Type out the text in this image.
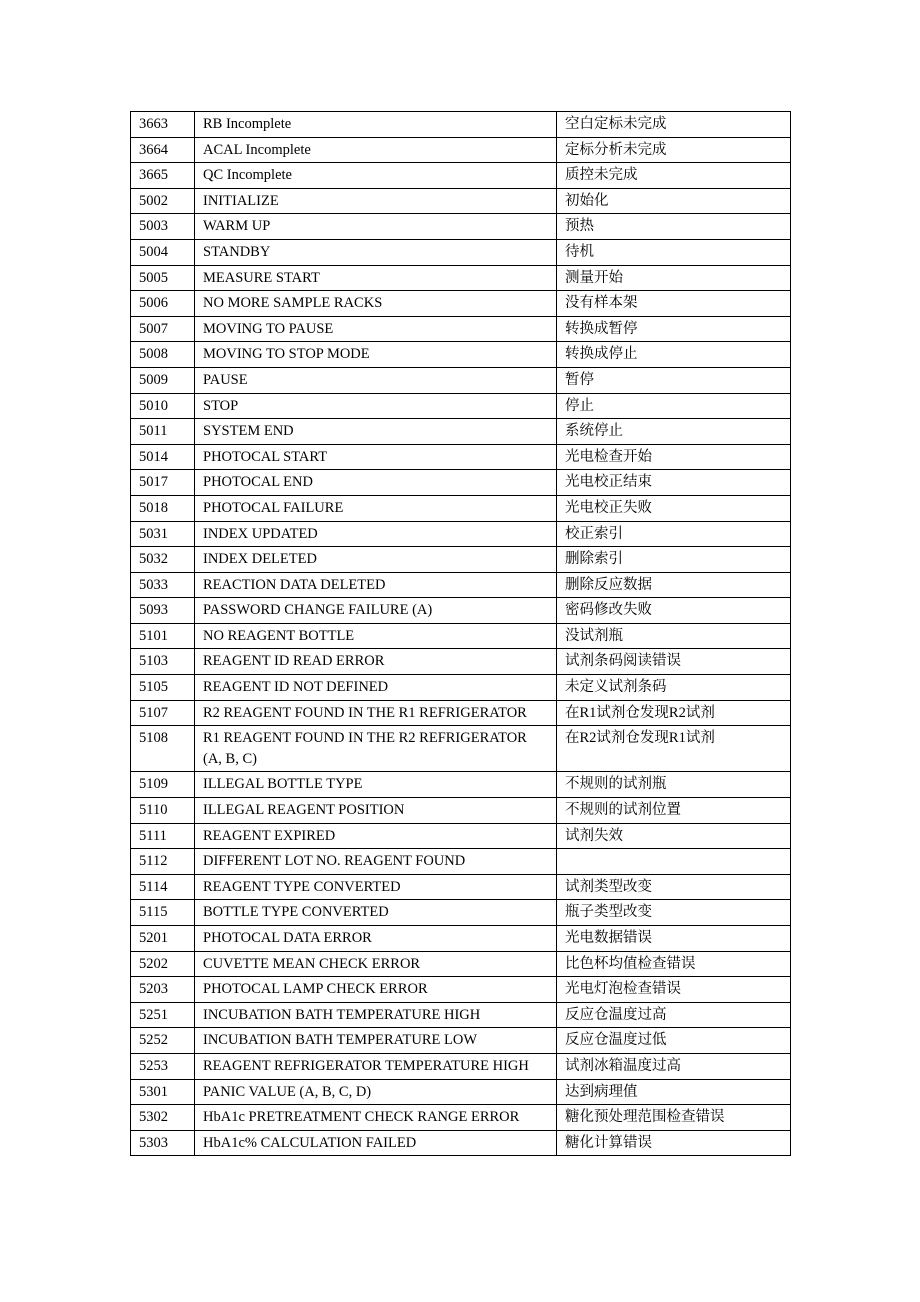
3663	RB Incomplete	空白定标未完成
3664	ACAL Incomplete	定标分析未完成
3665	QC Incomplete	质控未完成
5002	INITIALIZE	初始化
5003	WARM UP	预热
5004	STANDBY	待机
5005	MEASURE START	测量开始
5006	NO MORE SAMPLE RACKS	没有样本架
5007	MOVING TO PAUSE	转换成暂停
5008	MOVING TO STOP MODE	转换成停止
5009	PAUSE	暂停
5010	STOP	停止
5011	SYSTEM END	系统停止
5014	PHOTOCAL START	光电检查开始
5017	PHOTOCAL END	光电校正结束
5018	PHOTOCAL FAILURE	光电校正失败
5031	INDEX UPDATED	校正索引
5032	INDEX DELETED	删除索引
5033	REACTION DATA DELETED	删除反应数据
5093	PASSWORD CHANGE FAILURE (A)	密码修改失败
5101	NO REAGENT BOTTLE	没试剂瓶
5103	REAGENT ID READ ERROR	试剂条码阅读错误
5105	REAGENT ID NOT DEFINED	未定义试剂条码
5107	R2 REAGENT FOUND IN THE R1 REFRIGERATOR	在R1试剂仓发现R2试剂
5108	R1 REAGENT FOUND IN THE R2 REFRIGERATOR (A, B, C)	在R2试剂仓发现R1试剂
5109	ILLEGAL BOTTLE TYPE	不规则的试剂瓶
5110	ILLEGAL REAGENT POSITION	不规则的试剂位置
5111	REAGENT EXPIRED	试剂失效
5112	DIFFERENT LOT NO. REAGENT FOUND	
5114	REAGENT TYPE CONVERTED	试剂类型改变
5115	BOTTLE TYPE CONVERTED	瓶子类型改变
5201	PHOTOCAL DATA ERROR	光电数据错误
5202	CUVETTE MEAN CHECK ERROR	比色杯均值检查错误
5203	PHOTOCAL LAMP CHECK ERROR	光电灯泡检查错误
5251	INCUBATION BATH TEMPERATURE HIGH	反应仓温度过高
5252	INCUBATION BATH TEMPERATURE LOW	反应仓温度过低
5253	REAGENT REFRIGERATOR TEMPERATURE HIGH	试剂冰箱温度过高
5301	PANIC VALUE (A, B, C, D)	达到病理值
5302	HbA1c PRETREATMENT CHECK RANGE ERROR	糖化预处理范围检查错误
5303	HbA1c% CALCULATION FAILED	糖化计算错误
